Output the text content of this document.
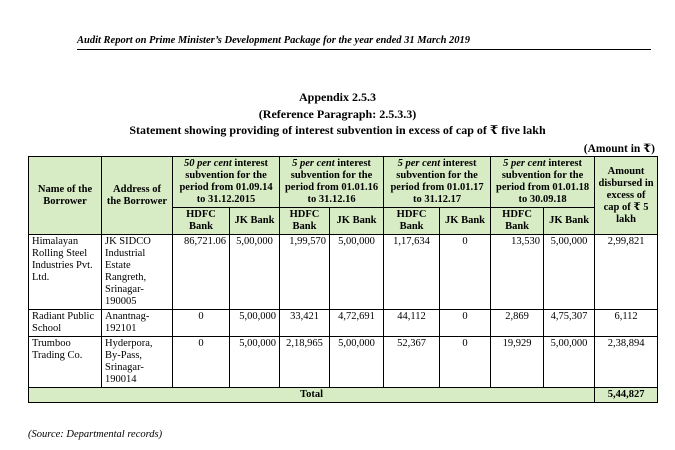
Audit Report on Prime Minister’s Development Package for the year ended 31 March 2019
Appendix 2.5.3
(Reference Paragraph: 2.5.3.3)
Statement showing providing of interest subvention in excess of cap of ₹ five lakh
(Amount in ₹)
Name of the Borrower	Address of the Borrower	50 per cent interest subvention for the period from 01.09.14 to 31.12.2015		5 per cent interest subvention for the period from 01.01.16 to 31.12.16		5 per cent interest subvention for the period from 01.01.17 to 31.12.17		5 per cent interest subvention for the period from 01.01.18 to 30.09.18		Amount disbursed in excess of cap of ₹ 5 lakh
		HDFC Bank	JK Bank	HDFC Bank	JK Bank	HDFC Bank	JK Bank	HDFC Bank	JK Bank	
Himalayan Rolling Steel Industries Pvt. Ltd.	JK SIDCO Industrial Estate Rangreth, Srinagar-190005	86,721.06	5,00,000	1,99,570	5,00,000	1,17,634	0	13,530	5,00,000	2,99,821
Radiant Public School	Anantnag-192101	0	5,00,000	33,421	4,72,691	44,112	0	2,869	4,75,307	6,112
Trumboo Trading Co.	Hyderpora, By-Pass, Srinagar-190014	0	5,00,000	2,18,965	5,00,000	52,367	0	19,929	5,00,000	2,38,894
Total										5,44,827
(Source: Departmental records)
